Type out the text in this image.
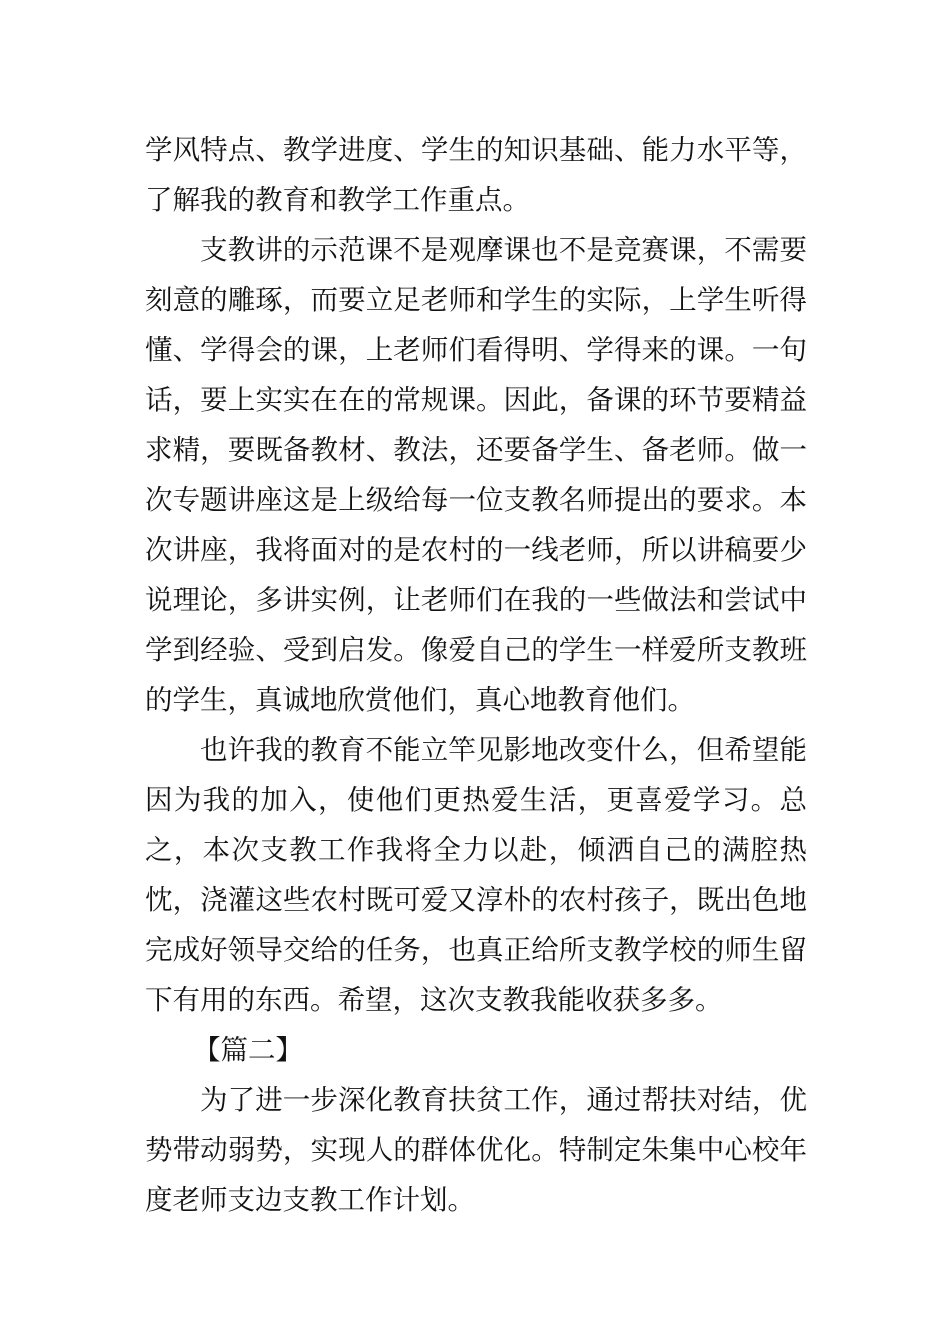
学风特点、教学进度、学生的知识基础、能力水平等，了解我的教育和教学工作重点。

支教讲的示范课不是观摩课也不是竞赛课，不需要刻意的雕琢，而要立足老师和学生的实际，上学生听得懂、学得会的课，上老师们看得明、学得来的课。一句话，要上实实在在的常规课。因此，备课的环节要精益求精，要既备教材、教法，还要备学生、备老师。做一次专题讲座这是上级给每一位支教名师提出的要求。本次讲座，我将面对的是农村的一线老师，所以讲稿要少说理论，多讲实例，让老师们在我的一些做法和尝试中学到经验、受到启发。像爱自己的学生一样爱所支教班的学生，真诚地欣赏他们，真心地教育他们。

也许我的教育不能立竿见影地改变什么，但希望能因为我的加入，使他们更热爱生活，更喜爱学习。总之，本次支教工作我将全力以赴，倾洒自己的满腔热忱，浇灌这些农村既可爱又淳朴的农村孩子，既出色地完成好领导交给的任务，也真正给所支教学校的师生留下有用的东西。希望，这次支教我能收获多多。

【篇二】

为了进一步深化教育扶贫工作，通过帮扶对结，优势带动弱势，实现人的群体优化。特制定朱集中心校年度老师支边支教工作计划。
